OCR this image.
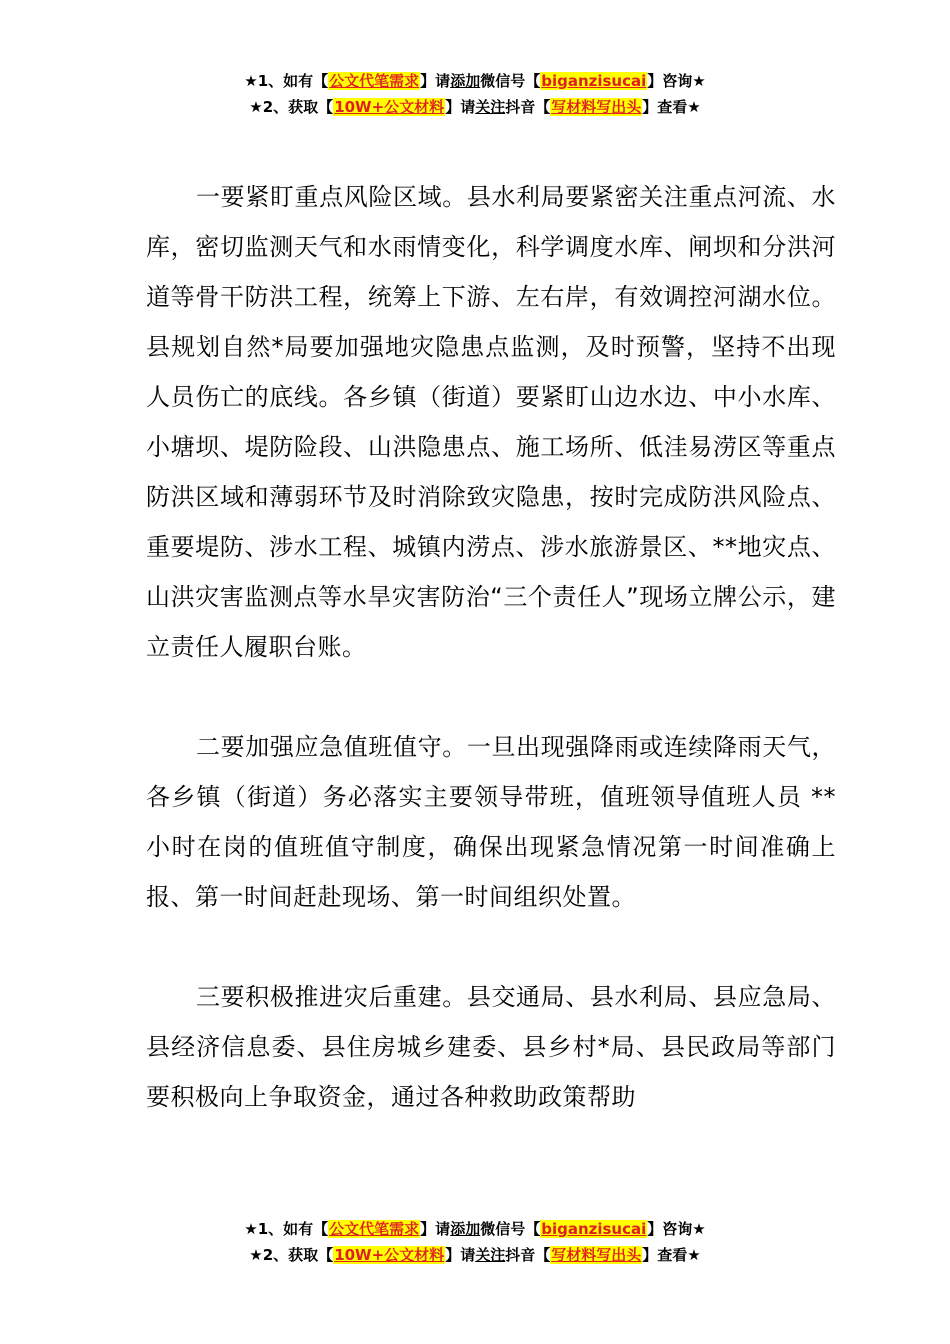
★1、如有【公文代笔需求】请添加微信号【biganzisucai】咨询★
★2、获取【10W+公文材料】请关注抖音【写材料写出头】查看★

一要紧盯重点风险区域。县水利局要紧密关注重点河流、水库，密切监测天气和水雨情变化，科学调度水库、闸坝和分洪河道等骨干防洪工程，统筹上下游、左右岸，有效调控河湖水位。县规划自然*局要加强地灾隐患点监测，及时预警，坚持不出现人员伤亡的底线。各乡镇（街道）要紧盯山边水边、中小水库、小塘坝、堤防险段、山洪隐患点、施工场所、低洼易涝区等重点防洪区域和薄弱环节及时消除致灾隐患，按时完成防洪风险点、重要堤防、涉水工程、城镇内涝点、涉水旅游景区、**地灾点、山洪灾害监测点等水旱灾害防治“三个责任人”现场立牌公示，建立责任人履职台账。

二要加强应急值班值守。一旦出现强降雨或连续降雨天气，各乡镇（街道）务必落实主要领导带班，值班领导值班人员 ** 小时在岗的值班值守制度，确保出现紧急情况第一时间准确上报、第一时间赶赴现场、第一时间组织处置。

三要积极推进灾后重建。县交通局、县水利局、县应急局、县经济信息委、县住房城乡建委、县乡村*局、县民政局等部门要积极向上争取资金，通过各种救助政策帮助

★1、如有【公文代笔需求】请添加微信号【biganzisucai】咨询★
★2、获取【10W+公文材料】请关注抖音【写材料写出头】查看★
